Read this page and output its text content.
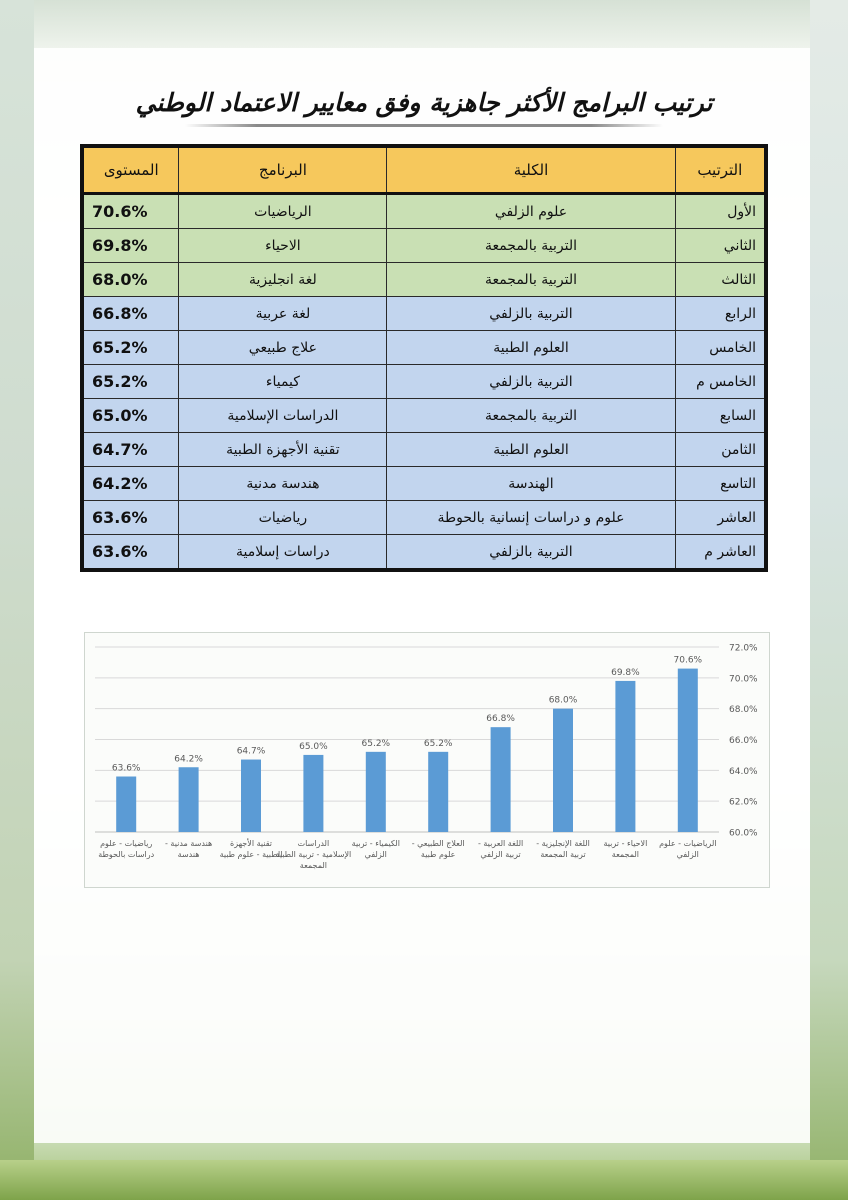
ترتيب البرامج الأكثر جاهزية وفق معايير الاعتماد الوطني
الترتيب	الكلية	البرنامج	المستوى
الأول	علوم الزلفي	الرياضيات	70.6%
الثاني	التربية بالمجمعة	الاحياء	69.8%
الثالث	التربية بالمجمعة	لغة انجليزية	68.0%
الرابع	التربية بالزلفي	لغة عربية	66.8%
الخامس	العلوم الطبية	علاج طبيعي	65.2%
الخامس م	التربية بالزلفي	كيمياء	65.2%
السابع	التربية بالمجمعة	الدراسات الإسلامية	65.0%
الثامن	العلوم الطبية	تقنية الأجهزة الطبية	64.7%
التاسع	الهندسة	هندسة مدنية	64.2%
العاشر	علوم و دراسات إنسانية بالحوطة	رياضيات	63.6%
العاشر م	التربية بالزلفي	دراسات إسلامية	63.6%
60.0%
62.0%
64.0%
66.0%
68.0%
70.0%
72.0%
70.6%
الرياضيات - علوم
الزلفي
69.8%
الاحياء - تربية
المجمعة
68.0%
اللغة الإنجليزية -
تربية المجمعة
66.8%
اللغة العربية -
تربية الزلفي
65.2%
العلاج الطبيعي -
علوم طبية
65.2%
الكيمياء - تربية
الزلفي
65.0%
الدراسات
الإسلامية - تربية الطبية
المجمعة
64.7%
تقنية الأجهزة
الطبية - علوم طبية
64.2%
هندسة مدنية -
هندسة
63.6%
رياضيات - علوم
دراسات بالحوطة
